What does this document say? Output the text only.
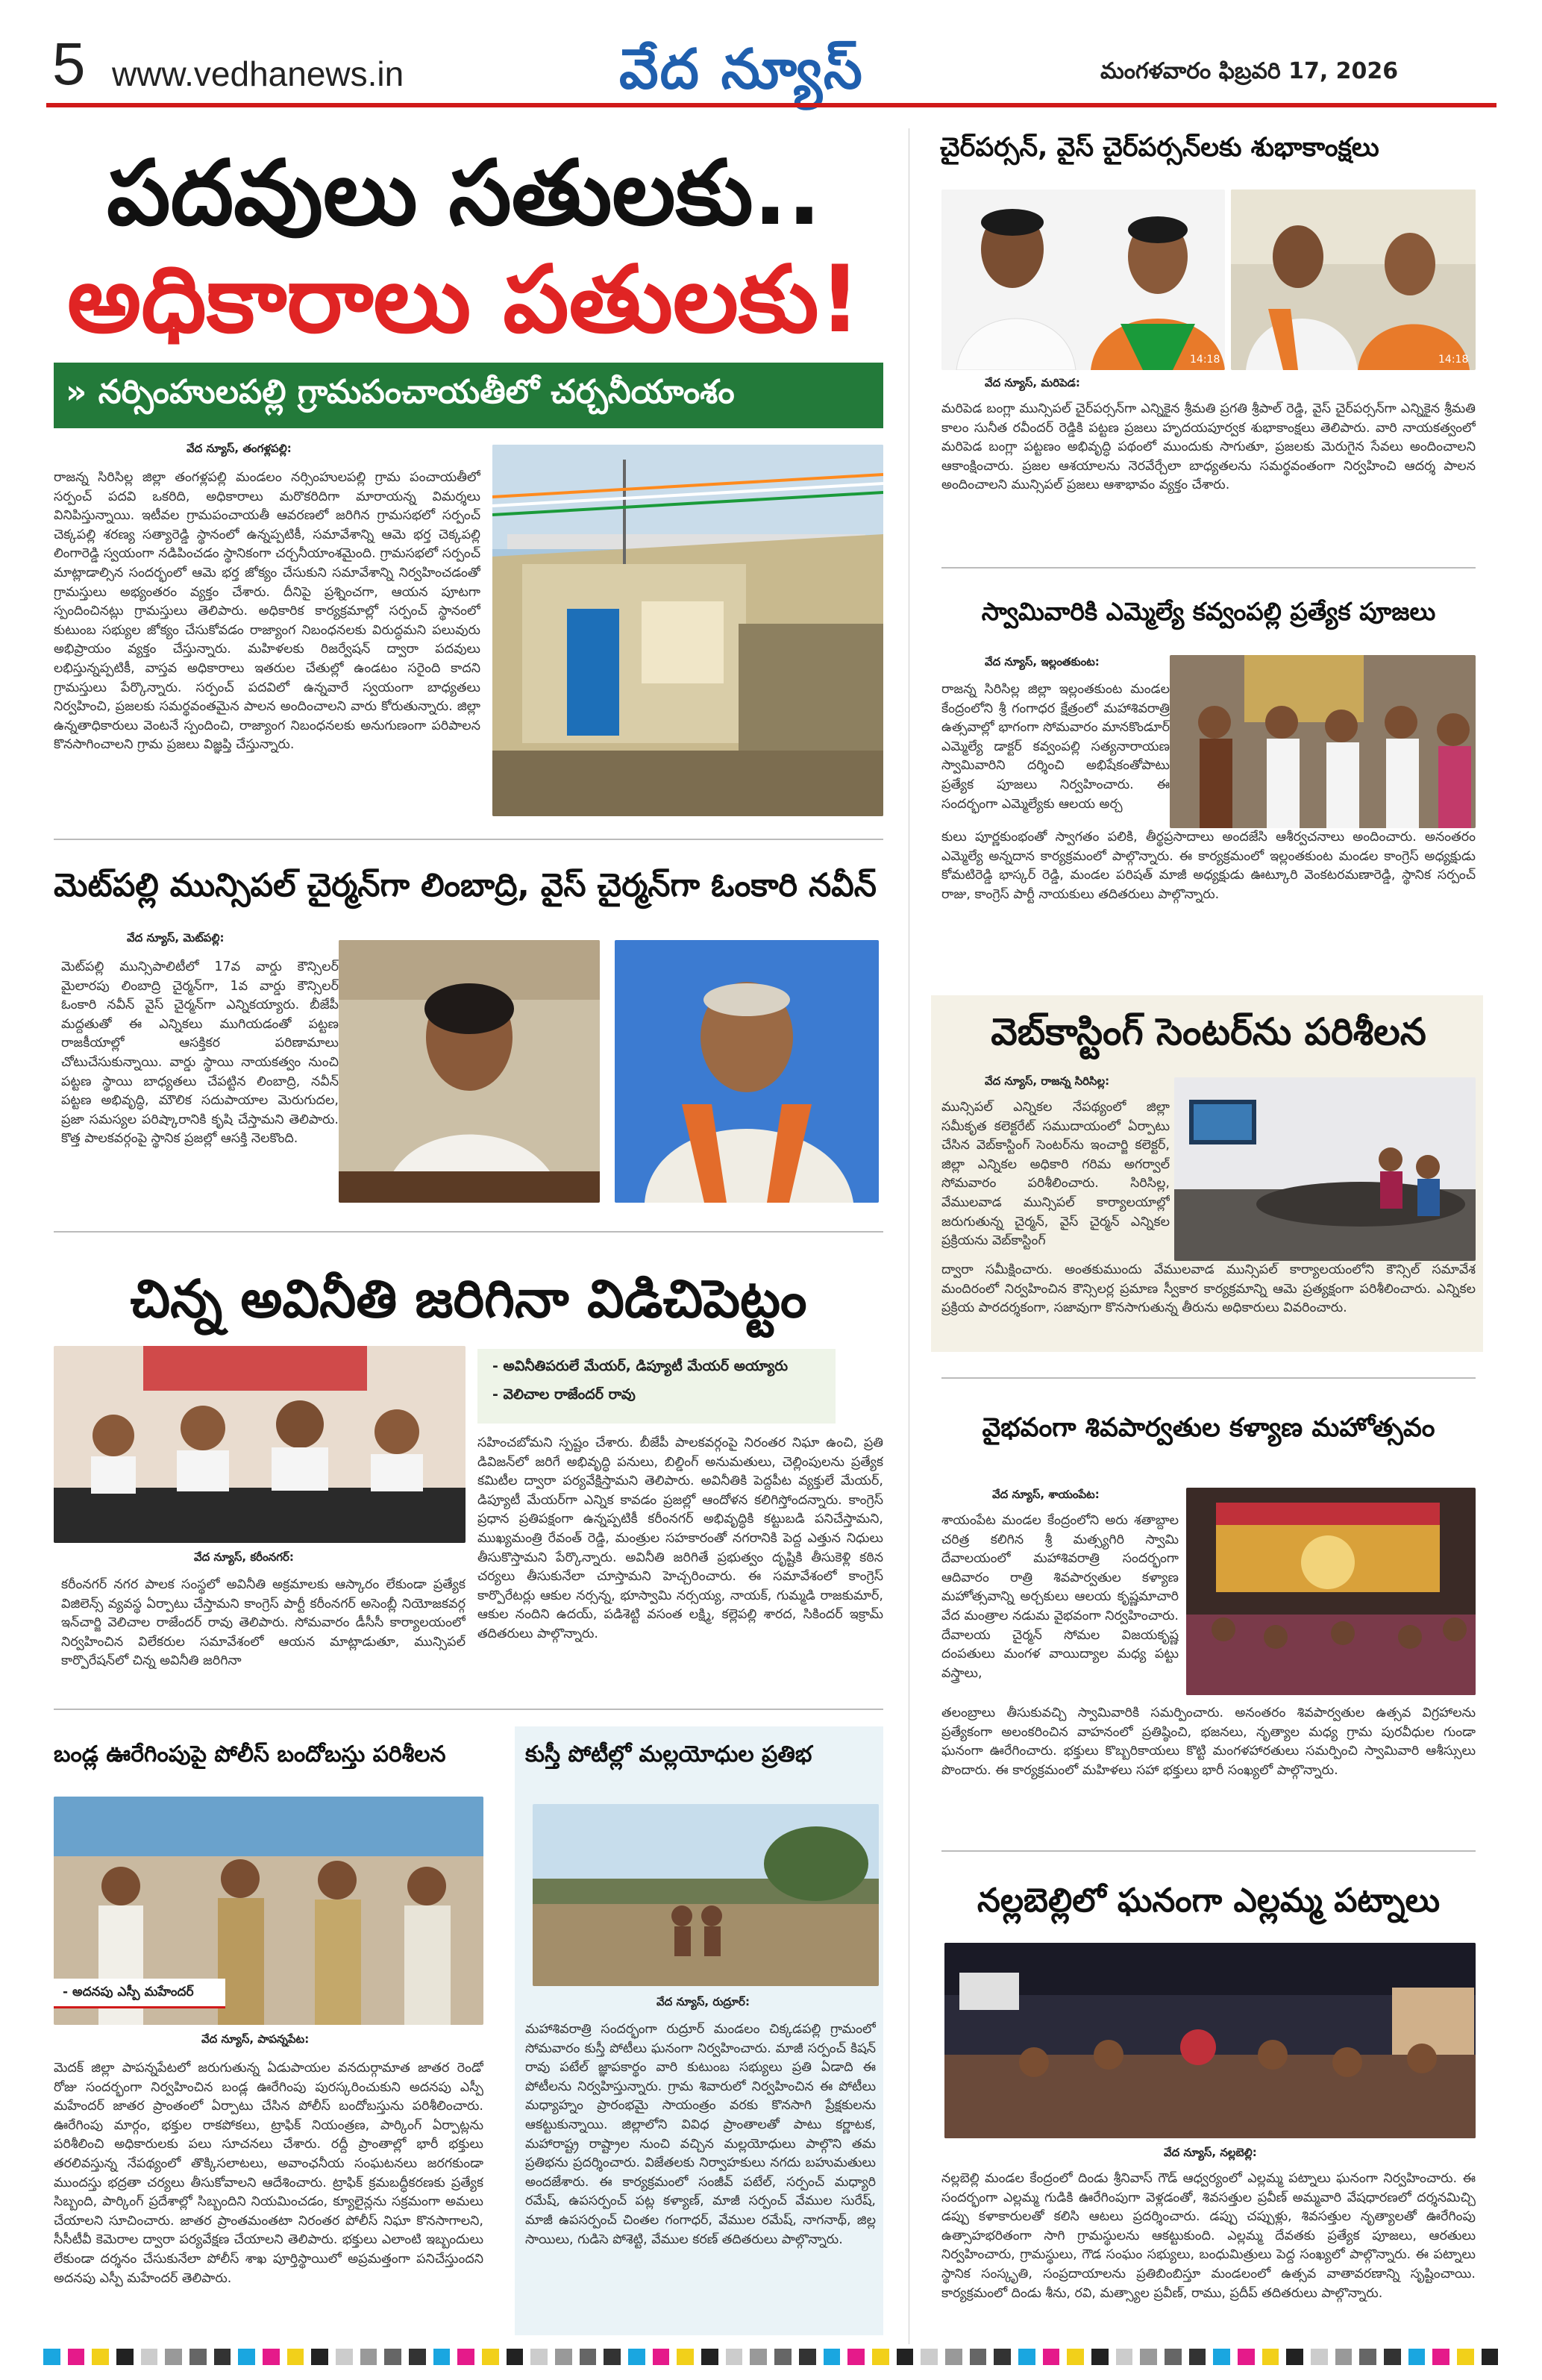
5 www.vedhanews.in	వేద న్యూస్	మంగళవారం ఫిబ్రవరి 17, 2026
పదవులు సతులకు..
అధికారాలు పతులకు!
» నర్సింహులపల్లి గ్రామపంచాయతీలో చర్చనీయాంశం
వేద న్యూస్, తంగళ్లపల్లి:
రాజన్న సిరిసిల్ల జిల్లా తంగళ్లపల్లి మండలం నర్సింహులపల్లి గ్రామ పంచాయతీలో సర్పంచ్ పదవి ఒకరిది, అధికారాలు మరొకరిదిగా మారాయన్న విమర్శలు వినిపిస్తున్నాయి. ఇటీవల గ్రామపంచాయతీ ఆవరణలో జరిగిన గ్రామసభలో సర్పంచ్ చెక్కపల్లి శరణ్య సత్యారెడ్డి స్థానంలో ఉన్నప్పటికీ, సమావేశాన్ని ఆమె భర్త చెక్కపల్లి లింగారెడ్డి స్వయంగా నడిపించడం స్థానికంగా చర్చనీయాంశమైంది. గ్రామసభలో సర్పంచ్ మాట్లాడాల్సిన సందర్భంలో ఆమె భర్త జోక్యం చేసుకుని సమావేశాన్ని నిర్వహించడంతో గ్రామస్తులు అభ్యంతరం వ్యక్తం చేశారు. దీనిపై ప్రశ్నించగా, ఆయన పూటగా స్పందించినట్లు గ్రామస్తులు తెలిపారు. అధికారిక కార్యక్రమాల్లో సర్పంచ్ స్థానంలో కుటుంబ సభ్యుల జోక్యం చేసుకోవడం రాజ్యాంగ నిబంధనలకు విరుద్ధమని పలువురు అభిప్రాయం వ్యక్తం చేస్తున్నారు. మహిళలకు రిజర్వేషన్ ద్వారా పదవులు లభిస్తున్నప్పటికీ, వాస్తవ అధికారాలు ఇతరుల చేతుల్లో ఉండటం సరైంది కాదని గ్రామస్తులు పేర్కొన్నారు. సర్పంచ్ పదవిలో ఉన్నవారే స్వయంగా బాధ్యతలు నిర్వహించి, ప్రజలకు సమర్థవంతమైన పాలన అందించాలని వారు కోరుతున్నారు. జిల్లా ఉన్నతాధికారులు వెంటనే స్పందించి, రాజ్యాంగ నిబంధనలకు అనుగుణంగా పరిపాలన కొనసాగించాలని గ్రామ ప్రజలు విజ్ఞప్తి చేస్తున్నారు.
మెట్‌పల్లి మున్సిపల్ చైర్మన్‌గా లింబాద్రి, వైస్ చైర్మన్‌గా ఓంకారి నవీన్
వేద న్యూస్, మెట్‌పల్లి:
మెట్‌పల్లి మున్సిపాలిటీలో 17వ వార్డు కౌన్సిలర్ మైలారపు లింబాద్రి చైర్మన్‌గా, 1వ వార్డు కౌన్సిలర్ ఓంకారి నవీన్ వైస్ చైర్మన్‌గా ఎన్నికయ్యారు. బీజేపీ మద్దతుతో ఈ ఎన్నికలు ముగియడంతో పట్టణ రాజకీయాల్లో ఆసక్తికర పరిణామాలు చోటుచేసుకున్నాయి. వార్డు స్థాయి నాయకత్వం నుంచి పట్టణ స్థాయి బాధ్యతలు చేపట్టిన లింబాద్రి, నవీన్ పట్టణ అభివృద్ధి, మౌలిక సదుపాయాల మెరుగుదల, ప్రజా సమస్యల పరిష్కారానికి కృషి చేస్తామని తెలిపారు. కొత్త పాలకవర్గంపై స్థానిక ప్రజల్లో ఆసక్తి నెలకొంది.
చిన్న అవినీతి జరిగినా విడిచిపెట్టం
- అవినీతిపరులే మేయర్, డిప్యూటీ మేయర్ అయ్యారు
- వెలిచాల రాజేందర్ రావు
వేద న్యూస్, కరీంనగర్:
కరీంనగర్ నగర పాలక సంస్థలో అవినీతి అక్రమాలకు ఆస్కారం లేకుండా ప్రత్యేక విజిలెన్స్ వ్యవస్థ ఏర్పాటు చేస్తామని కాంగ్రెస్ పార్టీ కరీంనగర్ అసెంబ్లీ నియోజకవర్గ ఇన్‌చార్జి వెలిచాల రాజేందర్ రావు తెలిపారు. సోమవారం డీసీసీ కార్యాలయంలో నిర్వహించిన విలేకరుల సమావేశంలో ఆయన మాట్లాడుతూ, మున్సిపల్ కార్పొరేషన్‌లో చిన్న అవినీతి జరిగినా
సహించబోమని స్పష్టం చేశారు. బీజేపీ పాలకవర్గంపై నిరంతర నిఘా ఉంచి, ప్రతి డివిజన్‌లో జరిగే అభివృద్ధి పనులు, బిల్డింగ్ అనుమతులు, చెల్లింపులను ప్రత్యేక కమిటీల ద్వారా పర్యవేక్షిస్తామని తెలిపారు. అవినీతికి పెద్దపీట వ్యక్తులే మేయర్, డిప్యూటీ మేయర్‌గా ఎన్నిక కావడం ప్రజల్లో ఆందోళన కలిగిస్తోందన్నారు. కాంగ్రెస్ ప్రధాన ప్రతిపక్షంగా ఉన్నప్పటికీ కరీంనగర్ అభివృద్ధికి కట్టుబడి పనిచేస్తామని, ముఖ్యమంత్రి రేవంత్ రెడ్డి, మంత్రుల సహకారంతో నగరానికి పెద్ద ఎత్తున నిధులు తీసుకొస్తామని పేర్కొన్నారు. అవినీతి జరిగితే ప్రభుత్వం దృష్టికి తీసుకెళ్లి కఠిన చర్యలు తీసుకునేలా చూస్తామని హెచ్చరించారు. ఈ సమావేశంలో కాంగ్రెస్ కార్పొరేటర్లు ఆకుల నర్సన్న, భూస్వామి నర్సయ్య, నాయక్, గుమ్మడి రాజకుమార్, ఆకుల నందిని ఉదయ్, పడిశెట్టి వసంత లక్ష్మి, కల్లెపల్లి శారద, సికిందర్ ఇక్రామ్ తదితరులు పాల్గొన్నారు.
బండ్ల ఊరేగింపుపై పోలీస్ బందోబస్తు పరిశీలన
- అదనపు ఎస్పీ మహేందర్
వేద న్యూస్, పాపన్నపేట:
మెదక్ జిల్లా పాపన్నపేటలో జరుగుతున్న ఏడుపాయల వనదుర్గామాత జాతర రెండో రోజు సందర్భంగా నిర్వహించిన బండ్ల ఊరేగింపు పురస్కరించుకుని అదనపు ఎస్పీ మహేందర్ జాతర ప్రాంతంలో ఏర్పాటు చేసిన పోలీస్ బందోబస్తును పరిశీలించారు. ఊరేగింపు మార్గం, భక్తుల రాకపోకలు, ట్రాఫిక్ నియంత్రణ, పార్కింగ్ ఏర్పాట్లను పరిశీలించి అధికారులకు పలు సూచనలు చేశారు. రద్దీ ప్రాంతాల్లో భారీ భక్తులు తరలివస్తున్న నేపథ్యంలో తొక్కిసలాటలు, అవాంఛనీయ సంఘటనలు జరగకుండా ముందస్తు భద్రతా చర్యలు తీసుకోవాలని ఆదేశించారు. ట్రాఫిక్ క్రమబద్ధీకరణకు ప్రత్యేక సిబ్బంది, పార్కింగ్ ప్రదేశాల్లో సిబ్బందిని నియమించడం, క్యూలైన్లను సక్రమంగా అమలు చేయాలని సూచించారు. జాతర ప్రాంతమంతటా నిరంతర పోలీస్ నిఘా కొనసాగాలని, సీసీటీవీ కెమెరాల ద్వారా పర్యవేక్షణ చేయాలని తెలిపారు. భక్తులు ఎలాంటి ఇబ్బందులు లేకుండా దర్శనం చేసుకునేలా పోలీస్ శాఖ పూర్తిస్థాయిలో అప్రమత్తంగా పనిచేస్తుందని అదనపు ఎస్పీ మహేందర్ తెలిపారు.
కుస్తీ పోటీల్లో మల్లయోధుల ప్రతిభ
వేద న్యూస్, రుద్రూర్:
మహాశివరాత్రి సందర్భంగా రుద్రూర్ మండలం చిక్కడపల్లి గ్రామంలో సోమవారం కుస్తీ పోటీలు ఘనంగా నిర్వహించారు. మాజీ సర్పంచ్ కిషన్ రావు పటేల్ జ్ఞాపకార్థం వారి కుటుంబ సభ్యులు ప్రతి ఏడాది ఈ పోటీలను నిర్వహిస్తున్నారు. గ్రామ శివారులో నిర్వహించిన ఈ పోటీలు మధ్యాహ్నం ప్రారంభమై సాయంత్రం వరకు కొనసాగి ప్రేక్షకులను ఆకట్టుకున్నాయి. జిల్లాలోని వివిధ ప్రాంతాలతో పాటు కర్ణాటక, మహారాష్ట్ర రాష్ట్రాల నుంచి వచ్చిన మల్లయోధులు పాల్గొని తమ ప్రతిభను ప్రదర్శించారు. విజేతలకు నిర్వాహకులు నగదు బహుమతులు అందజేశారు. ఈ కార్యక్రమంలో సంజీవ్ పటేల్, సర్పంచ్ మధ్యారి రమేష్, ఉపసర్పంచ్ పట్ల కళ్యాణ్, మాజీ సర్పంచ్ వేముల సురేష్, మాజీ ఉపసర్పంచ్ చింతల గంగాధర్, వేముల రమేష్, నాగనాథ్, జిల్ల సాయిలు, గుడిసె పోశెట్టి, వేముల కరణ్ తదితరులు పాల్గొన్నారు.
చైర్‌పర్సన్, వైస్ చైర్‌పర్సన్‌లకు శుభాకాంక్షలు
14:18	14:18
వేద న్యూస్, మరిపెడ:
మరిపెడ బంగ్లా మున్సిపల్ చైర్‌పర్సన్‌గా ఎన్నికైన శ్రీమతి ప్రగతి శ్రీపాల్ రెడ్డి, వైస్ చైర్‌పర్సన్‌గా ఎన్నికైన శ్రీమతి కాలం సునీత రవీందర్ రెడ్డికి పట్టణ ప్రజలు హృదయపూర్వక శుభాకాంక్షలు తెలిపారు. వారి నాయకత్వంలో మరిపెడ బంగ్లా పట్టణం అభివృద్ధి పథంలో ముందుకు సాగుతూ, ప్రజలకు మెరుగైన సేవలు అందించాలని ఆకాంక్షించారు. ప్రజల ఆశయాలను నెరవేర్చేలా బాధ్యతలను సమర్థవంతంగా నిర్వహించి ఆదర్శ పాలన అందించాలని మున్సిపల్ ప్రజలు ఆశాభావం వ్యక్తం చేశారు.
స్వామివారికి ఎమ్మెల్యే కవ్వంపల్లి ప్రత్యేక పూజలు
వేద న్యూస్, ఇల్లంతకుంట:
రాజన్న సిరిసిల్ల జిల్లా ఇల్లంతకుంట మండల కేంద్రంలోని శ్రీ గంగాధర క్షేత్రంలో మహాశివరాత్రి ఉత్సవాల్లో భాగంగా సోమవారం మానకొండూర్ ఎమ్మెల్యే డాక్టర్ కవ్వంపల్లి సత్యనారాయణ స్వామివారిని దర్శించి అభిషేకంతోపాటు ప్రత్యేక పూజలు నిర్వహించారు. ఈ సందర్భంగా ఎమ్మెల్యేకు ఆలయ అర్చ
కులు పూర్ణకుంభంతో స్వాగతం పలికి, తీర్థప్రసాదాలు అందజేసి ఆశీర్వచనాలు అందించారు. అనంతరం ఎమ్మెల్యే అన్నదాన కార్యక్రమంలో పాల్గొన్నారు. ఈ కార్యక్రమంలో ఇల్లంతకుంట మండల కాంగ్రెస్ అధ్యక్షుడు కోమటిరెడ్డి భాస్కర్ రెడ్డి, మండల పరిషత్ మాజీ అధ్యక్షుడు ఊట్కూరి వెంకటరమణారెడ్డి, స్థానిక సర్పంచ్ రాజు, కాంగ్రెస్ పార్టీ నాయకులు తదితరులు పాల్గొన్నారు.
వెబ్‌కాస్టింగ్ సెంటర్‌ను పరిశీలన
వేద న్యూస్, రాజన్న సిరిసిల్ల:
మున్సిపల్ ఎన్నికల నేపథ్యంలో జిల్లా సమీకృత కలెక్టరేట్ సముదాయంలో ఏర్పాటు చేసిన వెబ్‌కాస్టింగ్ సెంటర్‌ను ఇంచార్జి కలెక్టర్, జిల్లా ఎన్నికల అధికారి గరిమ అగర్వాల్ సోమవారం పరిశీలించారు. సిరిసిల్ల, వేములవాడ మున్సిపల్ కార్యాలయాల్లో జరుగుతున్న చైర్మన్, వైస్ చైర్మన్ ఎన్నికల ప్రక్రియను వెబ్‌కాస్టింగ్
ద్వారా సమీక్షించారు. అంతకుముందు వేములవాడ మున్సిపల్ కార్యాలయంలోని కౌన్సిల్ సమావేశ మందిరంలో నిర్వహించిన కౌన్సిలర్ల ప్రమాణ స్వీకార కార్యక్రమాన్ని ఆమె ప్రత్యక్షంగా పరిశీలించారు. ఎన్నికల ప్రక్రియ పారదర్శకంగా, సజావుగా కొనసాగుతున్న తీరును అధికారులు వివరించారు.
వైభవంగా శివపార్వతుల కళ్యాణ మహోత్సవం
వేద న్యూస్, శాయంపేట:
శాయంపేట మండల కేంద్రంలోని అరు శతాబ్దాల చరిత్ర కలిగిన శ్రీ మత్స్యగిరి స్వామి దేవాలయంలో మహాశివరాత్రి సందర్భంగా ఆదివారం రాత్రి శివపార్వతుల కళ్యాణ మహోత్సవాన్ని అర్చకులు ఆలయ కృష్ణమాచారి వేద మంత్రాల నడుమ వైభవంగా నిర్వహించారు. దేవాలయ చైర్మన్ సోమల విజయకృష్ణ దంపతులు మంగళ వాయిద్యాల మధ్య పట్టు వస్త్రాలు,
తలంబ్రాలు తీసుకువచ్చి స్వామివారికి సమర్పించారు. అనంతరం శివపార్వతుల ఉత్సవ విగ్రహాలను ప్రత్యేకంగా అలంకరించిన వాహనంలో ప్రతిష్ఠించి, భజనలు, నృత్యాల మధ్య గ్రామ పురవీధుల గుండా ఘనంగా ఊరేగించారు. భక్తులు కొబ్బరికాయలు కొట్టి మంగళహారతులు సమర్పించి స్వామివారి ఆశీస్సులు పొందారు. ఈ కార్యక్రమంలో మహిళలు సహా భక్తులు భారీ సంఖ్యలో పాల్గొన్నారు.
నల్లబెల్లిలో ఘనంగా ఎల్లమ్మ పట్నాలు
వేద న్యూస్, నల్లబెల్లి:
నల్లబెల్లి మండల కేంద్రంలో దిండు శ్రీనివాస్ గౌడ్ ఆధ్వర్యంలో ఎల్లమ్మ పట్నాలు ఘనంగా నిర్వహించారు. ఈ సందర్భంగా ఎల్లమ్మ గుడికి ఊరేగింపుగా వెళ్లడంతో, శివసత్తుల ప్రవీణ్ అమ్మవారి వేషధారణలో దర్శనమిచ్చి డప్పు కళాకారులతో కలిసి ఆటలు ప్రదర్శించారు. డప్పు చప్పుళ్లు, శివసత్తుల నృత్యాలతో ఊరేగింపు ఉత్సాహభరితంగా సాగి గ్రామస్థులను ఆకట్టుకుంది. ఎల్లమ్మ దేవతకు ప్రత్యేక పూజలు, ఆరతులు నిర్వహించారు, గ్రామస్థులు, గౌడ సంఘం సభ్యులు, బంధుమిత్రులు పెద్ద సంఖ్యలో పాల్గొన్నారు. ఈ పట్నాలు స్థానిక సంస్కృతి, సంప్రదాయాలను ప్రతిబింబిస్తూ మండలంలో ఉత్సవ వాతావరణాన్ని సృష్టించాయి. కార్యక్రమంలో దిండు శీను, రవి, మత్స్యాల ప్రవీణ్, రాము, ప్రదీప్ తదితరులు పాల్గొన్నారు.
